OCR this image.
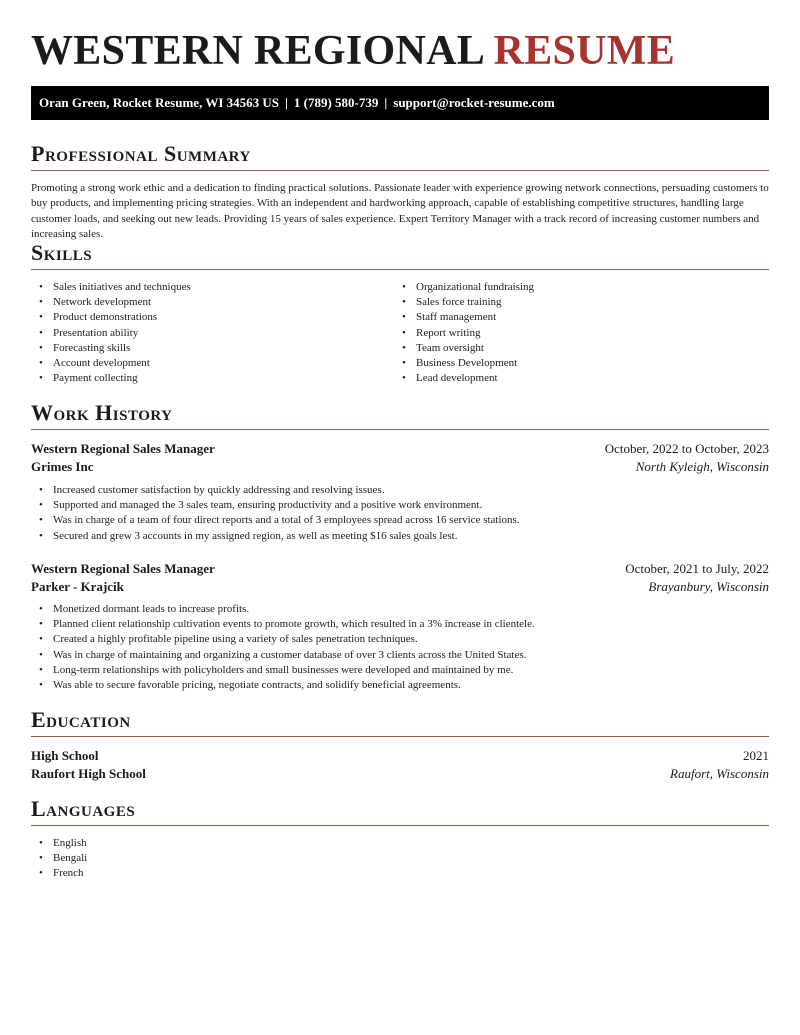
WESTERN REGIONAL RESUME
Oran Green, Rocket Resume, WI 34563 US | 1 (789) 580-739 | support@rocket-resume.com
Professional Summary

Promoting a strong work ethic and a dedication to finding practical solutions. Passionate leader with experience growing network connections, persuading customers to buy products, and implementing pricing strategies. With an independent and hardworking approach, capable of establishing competitive structures, handling large customer loads, and seeking out new leads. Providing 15 years of sales experience. Expert Territory Manager with a track record of increasing customer numbers and increasing sales.

Skills
• Sales initiatives and techniques
• Network development
• Product demonstrations
• Presentation ability
• Forecasting skills
• Account development
• Payment collecting
• Organizational fundraising
• Sales force training
• Staff management
• Report writing
• Team oversight
• Business Development
• Lead development
Work History
Western Regional Sales Manager	October, 2022 to October, 2023
Grimes Inc	North Kyleigh, Wisconsin
• Increased customer satisfaction by quickly addressing and resolving issues.
• Supported and managed the 3 sales team, ensuring productivity and a positive work environment.
• Was in charge of a team of four direct reports and a total of 3 employees spread across 16 service stations.
• Secured and grew 3 accounts in my assigned region, as well as meeting $16 sales goals lest.
Western Regional Sales Manager	October, 2021 to July, 2022
Parker - Krajcik	Brayanbury, Wisconsin
• Monetized dormant leads to increase profits.
• Planned client relationship cultivation events to promote growth, which resulted in a 3% increase in clientele.
• Created a highly profitable pipeline using a variety of sales penetration techniques.
• Was in charge of maintaining and organizing a customer database of over 3 clients across the United States.
• Long-term relationships with policyholders and small businesses were developed and maintained by me.
• Was able to secure favorable pricing, negotiate contracts, and solidify beneficial agreements.
Education
High School	2021
Raufort High School	Raufort, Wisconsin
Languages
• English
• Bengali
• French
